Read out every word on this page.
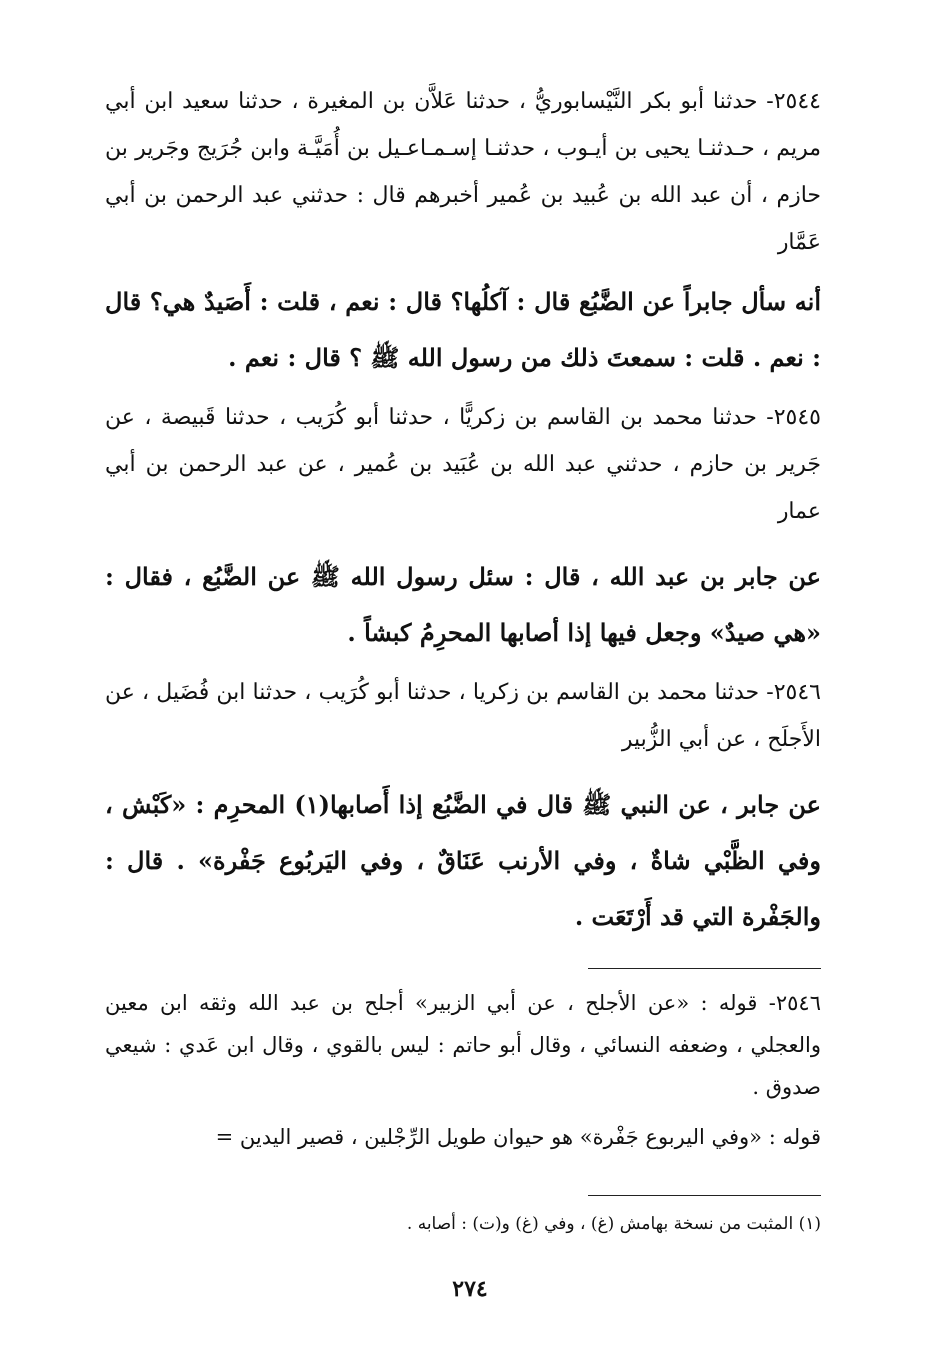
٢٥٤٤- حدثنا أبو بكر النَّيْسابوريُّ ، حدثنا عَلاَّن بن المغيرة ، حدثنا سعيد ابن أبي مريم ، حـدثنـا يحيى بن أيـوب ، حدثنـا إسـمـاعـيل بن أُمَيَّـة وابن جُرَيج وجَرير بن حازم ، أن عبد الله بن عُبيد بن عُمير أخبرهم قال : حدثني عبد الرحمن بن أبي عَمَّار

أنه سأل جابراً عن الضَّبُع قال : آكلُها؟ قال : نعم ، قلت : أَصَيدٌ هي؟ قال : نعم . قلت : سمعتَ ذلك من رسول الله ﷺ ؟ قال : نعم .

٢٥٤٥- حدثنا محمد بن القاسم بن زكريًّا ، حدثنا أبو كُرَيب ، حدثنا قَبيصة ، عن جَرير بن حازم ، حدثني عبد الله بن عُبَيد بن عُمير ، عن عبد الرحمن بن أبي عمار

عن جابر بن عبد الله ، قال : سئل رسول الله ﷺ عن الضَّبُع ، فقال : «هي صيدٌ» وجعل فيها إذا أصابها المحرِمُ كبشاً .

٢٥٤٦- حدثنا محمد بن القاسم بن زكريا ، حدثنا أبو كُرَيب ، حدثنا ابن فُضَيل ، عن الأَجلَح ، عن أبي الزُّبير

عن جابر ، عن النبي ﷺ قال في الضَّبُع إذا أَصابها(١) المحرِم : «كَبْش ، وفي الظَّبْي شاةٌ ، وفي الأرنب عَنَاقٌ ، وفي اليَربُوع جَفْرة» . قال : والجَفْرة التي قد أَرْتَعَت .

٢٥٤٦- قوله : «عن الأجلح ، عن أبي الزبير» أجلح بن عبد الله وثقه ابن معين والعجلي ، وضعفه النسائي ، وقال أبو حاتم : ليس بالقوي ، وقال ابن عَدي : شيعي صدوق .

قوله : «وفي اليربوع جَفْرة» هو حيوان طويل الرِّجْلين ، قصير اليدين =

(١) المثبت من نسخة بهامش (غ) ، وفي (غ) و(ت) : أصابه .
٢٧٤
